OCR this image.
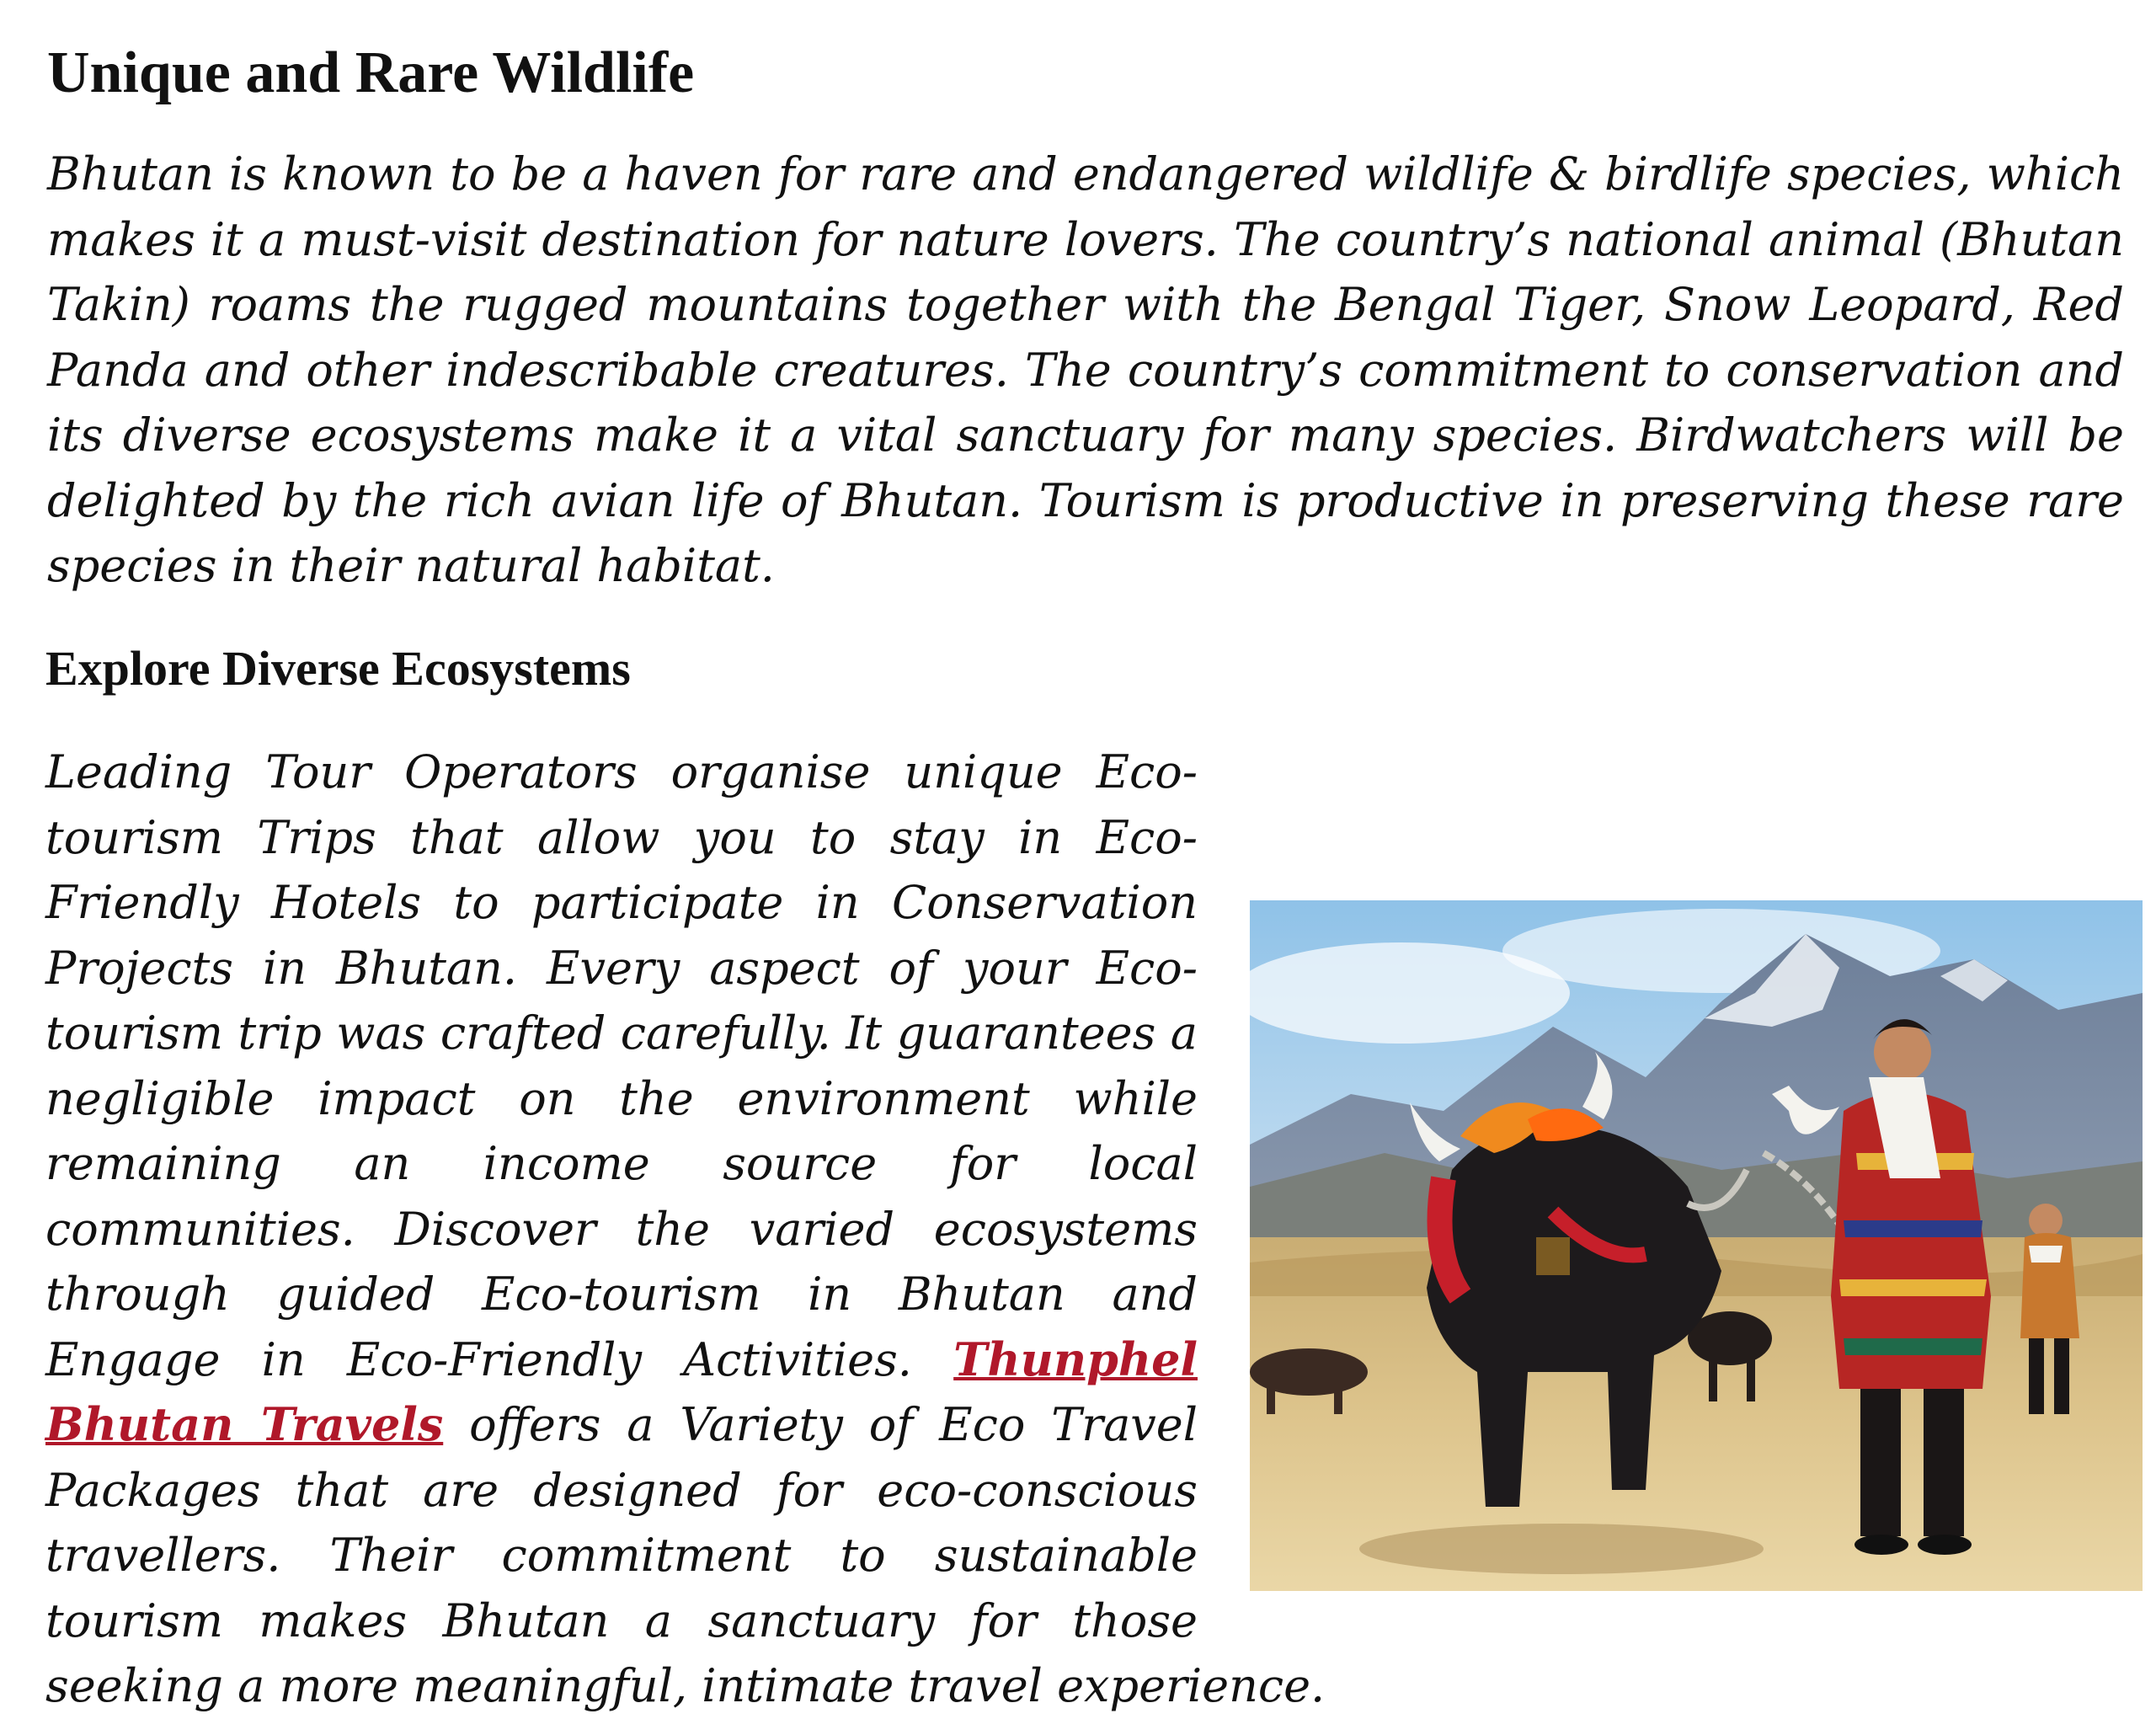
Unique and Rare Wildlife

Bhutan is known to be a haven for rare and endangered wildlife & birdlife species, which makes it a must-visit destination for nature lovers. The country’s national animal (Bhutan Takin) roams the rugged mountains together with the Bengal Tiger, Snow Leopard, Red Panda and other indescribable creatures. The country’s commitment to conservation and its diverse ecosystems make it a vital sanctuary for many species. Birdwatchers will be delighted by the rich avian life of Bhutan. Tourism is productive in preserving these rare species in their natural habitat.

Explore Diverse Ecosystems

Leading Tour Operators organise unique Eco-tourism Trips that allow you to stay in Eco-Friendly Hotels to participate in Conservation Projects in Bhutan. Every aspect of your Eco-tourism trip was crafted carefully. It guarantees a negligible impact on the environment while remaining an income source for local communities. Discover the varied ecosystems through guided Eco-tourism in Bhutan and Engage in Eco-Friendly Activities. Thunphel Bhutan Travels offers a Variety of Eco Travel Packages that are designed for eco-conscious travellers. Their commitment to sustainable tourism makes Bhutan a sanctuary for those seeking a more meaningful, intimate travel experience.
